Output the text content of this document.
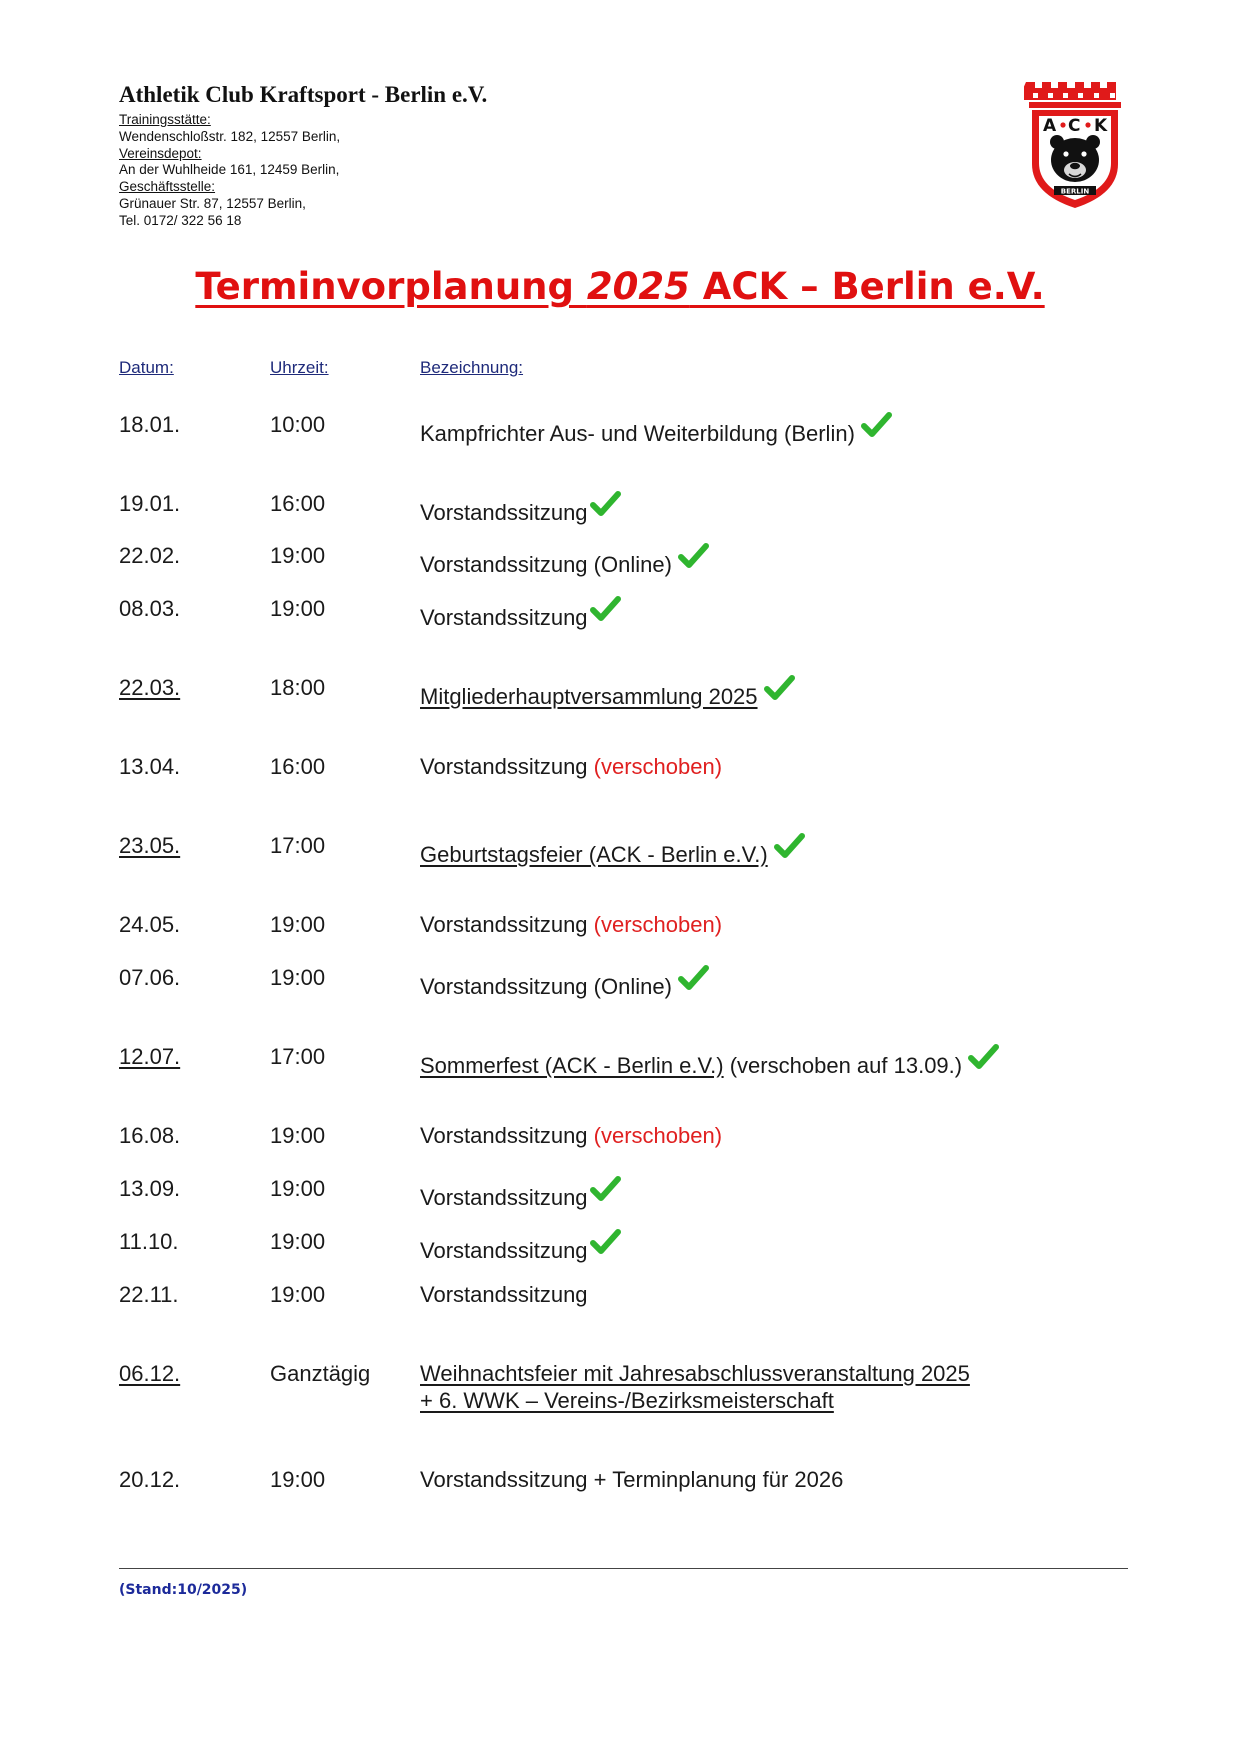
Athletik Club Kraftsport - Berlin e.V.
Trainingsstätte:
Wendenschloßstr. 182, 12557 Berlin,
Vereinsdepot:
An der Wuhlheide 161, 12459 Berlin,
Geschäftsstelle:
Grünauer Str. 87, 12557 Berlin,
Tel. 0172/ 322 56 18
A C K
BERLIN
Terminvorplanung 2025 ACK – Berlin e.V.
Datum:	Uhrzeit:	Bezeichnung:
18.01.	10:00	Kampfrichter Aus- und Weiterbildung (Berlin)
19.01.	16:00	Vorstandssitzung
22.02.	19:00	Vorstandssitzung (Online)
08.03.	19:00	Vorstandssitzung
22.03.	18:00	Mitgliederhauptversammlung 2025
13.04.	16:00	Vorstandssitzung (verschoben)
23.05.	17:00	Geburtstagsfeier (ACK - Berlin e.V.)
24.05.	19:00	Vorstandssitzung (verschoben)
07.06.	19:00	Vorstandssitzung (Online)
12.07.	17:00	Sommerfest (ACK - Berlin e.V.) (verschoben auf 13.09.)
16.08.	19:00	Vorstandssitzung (verschoben)
13.09.	19:00	Vorstandssitzung
11.10.	19:00	Vorstandssitzung
22.11.	19:00	Vorstandssitzung
06.12.	Ganztägig Weihnachtsfeier mit Jahresabschlussveranstaltung 2025
+ 6. WWK – Vereins-/Bezirksmeisterschaft
20.12.	19:00	Vorstandssitzung + Terminplanung für 2026
(Stand:10/2025)
